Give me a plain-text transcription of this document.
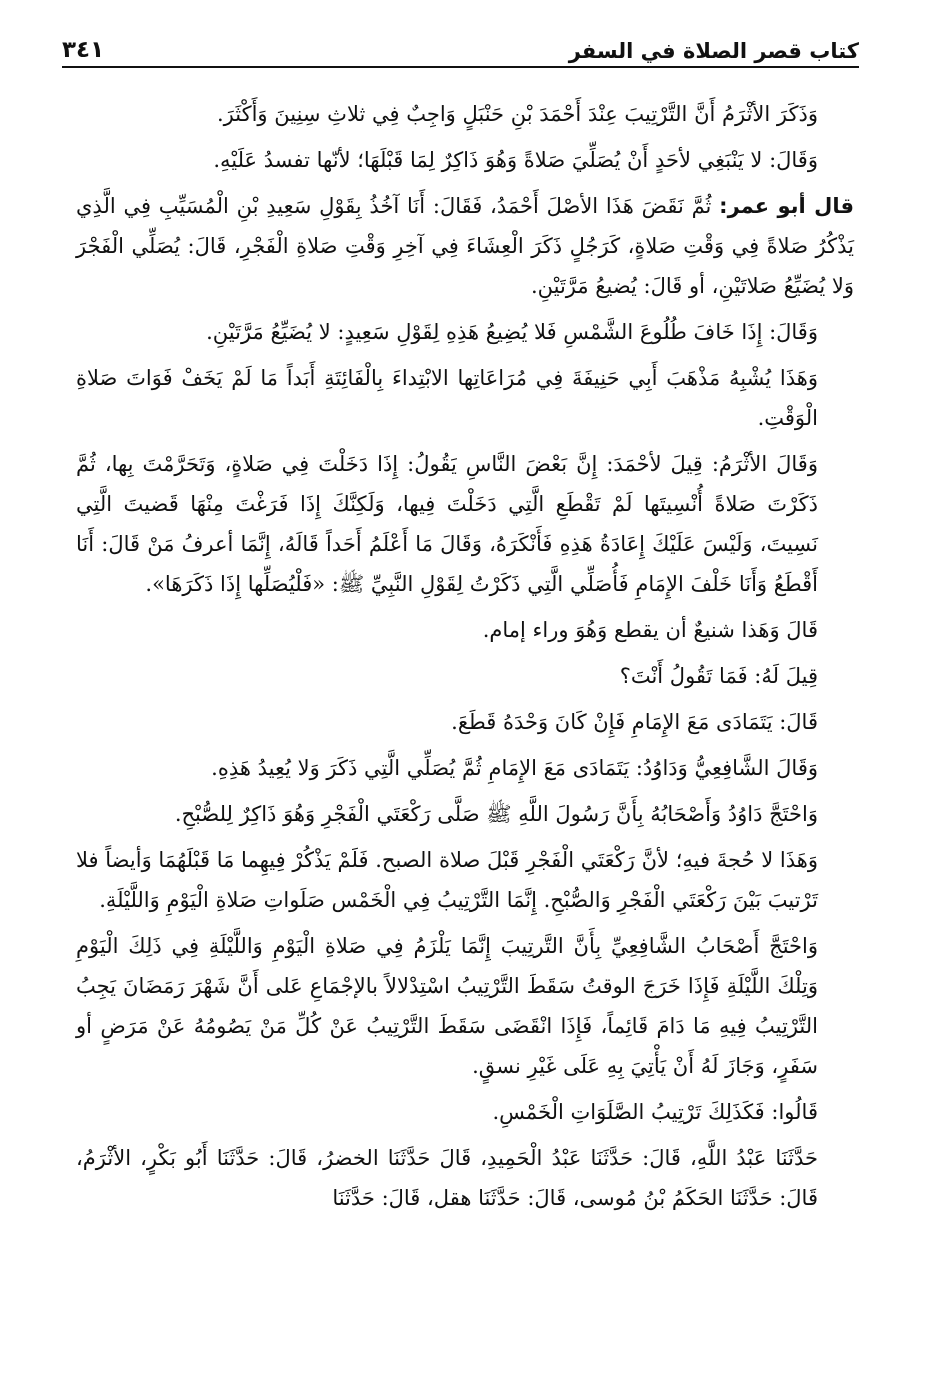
كتاب قصر الصلاة في السفر
٣٤١

وَذَكَرَ الأثْرَمُ أَنَّ التَّرْتِيبَ عِنْدَ أَحْمَدَ بْنِ حَنْبَلٍ وَاجِبٌ فِي ثلاثِ سِنِينَ وَأَكْثَرَ.

وَقَالَ: لا يَنْبَغِي لأحَدٍ أَنْ يُصَلِّيَ صَلاةً وَهُوَ ذَاكِرٌ لِمَا قَبْلَهَا؛ لأنّها تفسدُ عَلَيْهِ.

قال أبو عمر: ثُمَّ نَقَضَ هَذَا الأصْلَ أَحْمَدُ، فَقَالَ: أَنَا آخُذُ بِقَوْلِ سَعِيدِ بْنِ الْمُسَيِّبِ فِي الَّذِي يَذْكُرُ صَلاةً فِي وَقْتِ صَلاةٍ، كَرَجُلٍ ذَكَرَ الْعِشَاءَ فِي آخِرِ وَقْتِ صَلاةِ الْفَجْرِ، قَالَ: يُصَلِّي الْفَجْرَ وَلا يُضَيِّعُ صَلاتَيْنِ، أو قَالَ: يُضيعُ مَرَّتَيْنِ.

وَقَالَ: إِذَا خَافَ طُلُوعَ الشَّمْسِ فَلا يُضِيعُ هَذِهِ لِقَوْلِ سَعِيدٍ: لا يُضَيِّعُ مَرَّتَيْنِ.

وَهَذَا يُشْبِهُ مَذْهَبَ أَبِي حَنِيفَةَ فِي مُرَاعَاتِها الابْتِداءَ بِالْفَائِتَةِ أَبَداً مَا لَمْ يَخَفْ فَوَاتَ صَلاةِ الْوَقْتِ.

وَقَالَ الأثْرَمُ: قِيلَ لأحْمَدَ: إِنَّ بَعْضَ النَّاسِ يَقُولُ: إِذَا دَخَلْتَ فِي صَلاةٍ، وَتَحَرَّمْتَ بِها، ثُمَّ ذَكَرْتَ صَلاةً أُنْسِيتَها لَمْ تَقْطَعِ الَّتِي دَخَلْتَ فِيها، وَلَكِنَّكَ إِذَا فَرَغْتَ مِنْهَا قَضيتَ الَّتِي نَسِيتَ، وَلَيْسَ عَلَيْكَ إِعَادَةُ هَذِهِ فَأَنْكَرَهُ، وَقَالَ مَا أَعْلَمُ أَحَداً قَالَهُ، إِنَّمَا أعرفُ مَنْ قَالَ: أَنَا أَقْطَعُ وَأَنَا خَلْفَ الإِمَامِ فَأُصَلِّي الَّتِي ذَكَرْتُ لِقَوْلِ النَّبِيِّ ﷺ: «فَلْيُصَلِّها إِذَا ذَكَرَهَا».

قَالَ وَهَذا شنيعٌ أن يقطع وَهُوَ وراء إمام.

قِيلَ لَهُ: فَمَا تَقُولُ أَنْتَ؟

قَالَ: يَتَمَادَى مَعَ الإِمَامِ فَإِنْ كَانَ وَحْدَهُ قَطَعَ.

وَقَالَ الشَّافِعِيُّ وَدَاوُدُ: يَتَمَادَى مَعَ الإِمَامِ ثُمَّ يُصَلِّي الَّتِي ذَكَرَ وَلا يُعِيدُ هَذِهِ.

وَاحْتَجَّ دَاوُدُ وَأَصْحَابُهُ بِأَنَّ رَسُولَ اللَّهِ ﷺ صَلَّى رَكْعَتَي الْفَجْرِ وَهُوَ ذَاكِرٌ لِلصُّبْحِ.

وَهَذَا لا حُجةَ فيهِ؛ لأنَّ رَكْعَتَي الْفَجْرِ قَبْلَ صلاة الصبح. فَلَمْ يَذْكُرْ فِيهِما مَا قَبْلَهُمَا وَأيضاً فلا تَرْتيبَ بَيْنَ رَكْعَتَي الْفَجْرِ وَالصُّبْحِ. إِنَّمَا التَّرْتِيبُ فِي الْخَمْس صَلَواتِ صَلاةِ الْيَوْمِ وَاللَّيْلَةِ.

وَاحْتَجَّ أَصْحَابُ الشَّافِعِيِّ بِأَنَّ التَّرتِيبَ إِنَّمَا يَلْزَمُ فِي صَلاةِ الْيَوْمِ وَاللَّيْلَةِ فِي ذَلِكَ الْيَوْمِ وَتِلْكَ اللَّيْلَةِ فَإِذَا خَرَجَ الوقتُ سَقَطَ التَّرْتِيبُ اسْتِدْلالاً بالإجْمَاعِ عَلى أَنَّ شَهْرَ رَمَضَانَ يَجِبُ التَّرْتِيبُ فِيهِ مَا دَامَ قَائِماً، فَإِذَا انْقَضَى سَقَطَ التَّرْتِيبُ عَنْ كُلِّ مَنْ يَصُومُهُ عَنْ مَرَضٍ أو سَفَرٍ، وَجَازَ لَهُ أَنْ يَأْتِيَ بِهِ عَلَى غَيْرِ نسقٍ.

قَالُوا: فَكَذَلِكَ تَرْتِيبُ الصَّلَوَاتِ الْخَمْسِ.

حَدَّثَنَا عَبْدُ اللَّهِ، قَالَ: حَدَّثَنَا عَبْدُ الْحَمِيدِ، قَالَ حَدَّثَنَا الخضرُ، قَالَ: حَدَّثَنَا أَبُو بَكْرٍ، الأثْرَمُ، قَالَ: حَدَّثَنَا الحَكَمُ بْنُ مُوسى، قَالَ: حَدَّثَنَا هقل، قَالَ: حَدَّثَنَا
